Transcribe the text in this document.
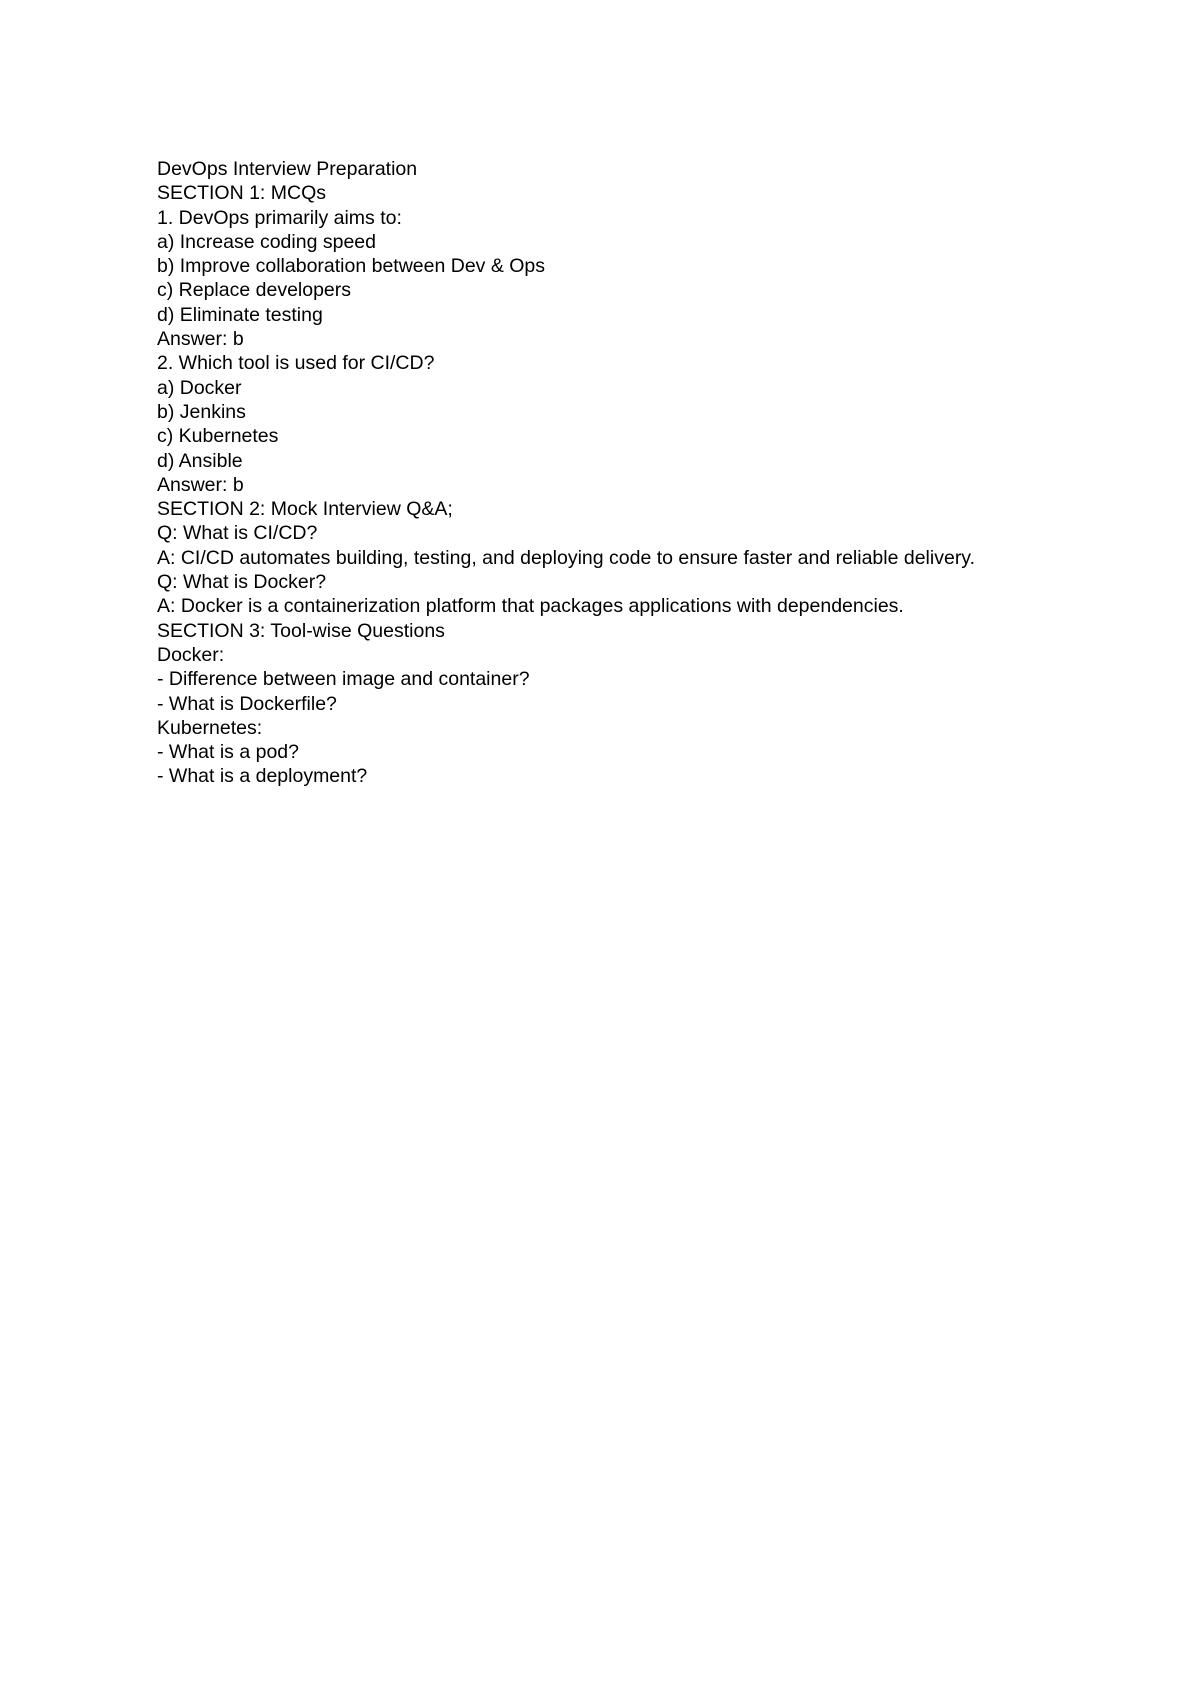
DevOps Interview Preparation
SECTION 1: MCQs
1. DevOps primarily aims to:
a) Increase coding speed
b) Improve collaboration between Dev & Ops
c) Replace developers
d) Eliminate testing
Answer: b
2. Which tool is used for CI/CD?
a) Docker
b) Jenkins
c) Kubernetes
d) Ansible
Answer: b
SECTION 2: Mock Interview Q&A;
Q: What is CI/CD?
A: CI/CD automates building, testing, and deploying code to ensure faster and reliable delivery.
Q: What is Docker?
A: Docker is a containerization platform that packages applications with dependencies.
SECTION 3: Tool-wise Questions
Docker:
- Difference between image and container?
- What is Dockerfile?
Kubernetes:
- What is a pod?
- What is a deployment?
